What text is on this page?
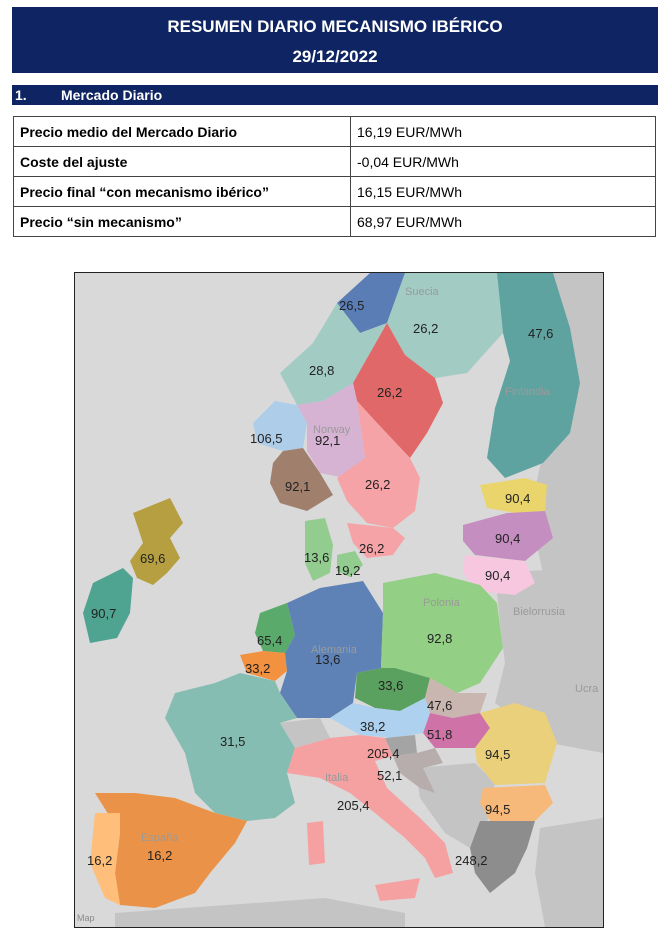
RESUMEN DIARIO MECANISMO IBÉRICO
29/12/2022
1. Mercado Diario
Precio medio del Mercado Diario	16,19 EUR/MWh
Coste del ajuste	-0,04 EUR/MWh
Precio final “con mecanismo ibérico”	16,15 EUR/MWh
Precio “sin mecanismo”	68,97 EUR/MWh
Suecia
Finlandia
Norway
Alemania
Polonia
Bielorrusia
Ucra
Italia
España
26,5
26,2	47,6
28,8
26,2
106,5 92,1
92,1	26,2
90,4
69,6
90,4
26,2
13,6
19,2	90,4
90,7
65,4	92,8
33,2
13,6
33,6
47,6
51,8
31,5
38,2
205,4	94,5
52,1
205,4	94,5
16,2	16,2	248,2
Map
